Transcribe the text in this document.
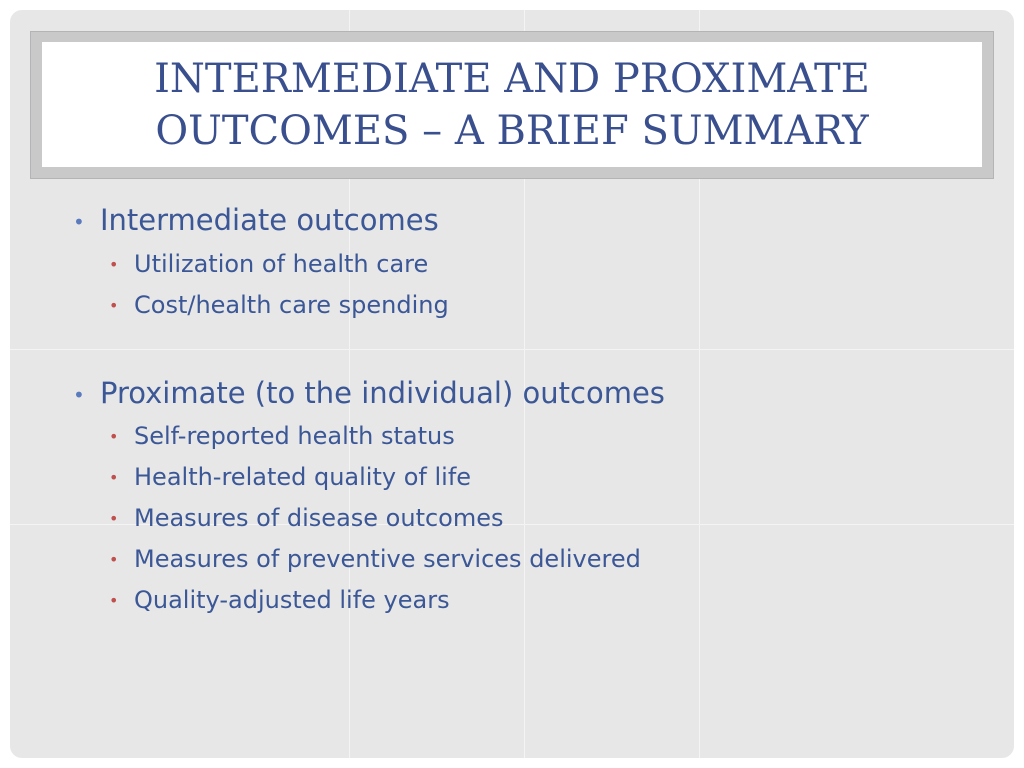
INTERMEDIATE AND PROXIMATE
OUTCOMES – A BRIEF SUMMARY
• Intermediate outcomes
• Utilization of health care
• Cost/health care spending
• Proximate (to the individual) outcomes
• Self-reported health status
• Health-related quality of life
• Measures of disease outcomes
• Measures of preventive services delivered
• Quality-adjusted life years
